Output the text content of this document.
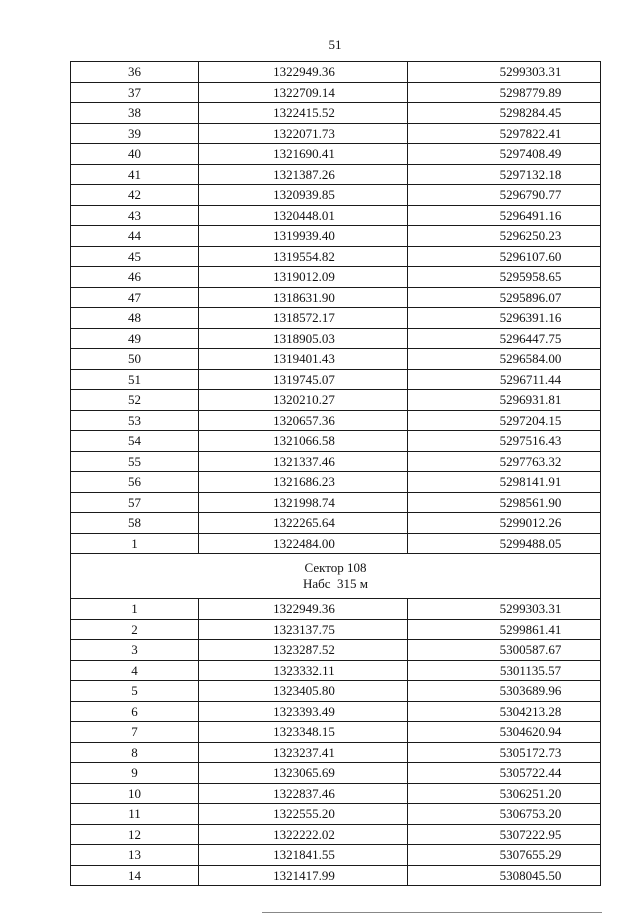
51
36	1322949.36	5299303.31
37	1322709.14	5298779.89
38	1322415.52	5298284.45
39	1322071.73	5297822.41
40	1321690.41	5297408.49
41	1321387.26	5297132.18
42	1320939.85	5296790.77
43	1320448.01	5296491.16
44	1319939.40	5296250.23
45	1319554.82	5296107.60
46	1319012.09	5295958.65
47	1318631.90	5295896.07
48	1318572.17	5296391.16
49	1318905.03	5296447.75
50	1319401.43	5296584.00
51	1319745.07	5296711.44
52	1320210.27	5296931.81
53	1320657.36	5297204.15
54	1321066.58	5297516.43
55	1321337.46	5297763.32
56	1321686.23	5298141.91
57	1321998.74	5298561.90
58	1322265.64	5299012.26
1	1322484.00	5299488.05

Сектор 108
Набс  315 м		

1	1322949.36	5299303.31
2	1323137.75	5299861.41
3	1323287.52	5300587.67
4	1323332.11	5301135.57
5	1323405.80	5303689.96
6	1323393.49	5304213.28
7	1323348.15	5304620.94
8	1323237.41	5305172.73
9	1323065.69	5305722.44
10	1322837.46	5306251.20
11	1322555.20	5306753.20
12	1322222.02	5307222.95
13	1321841.55	5307655.29
14	1321417.99	5308045.50
